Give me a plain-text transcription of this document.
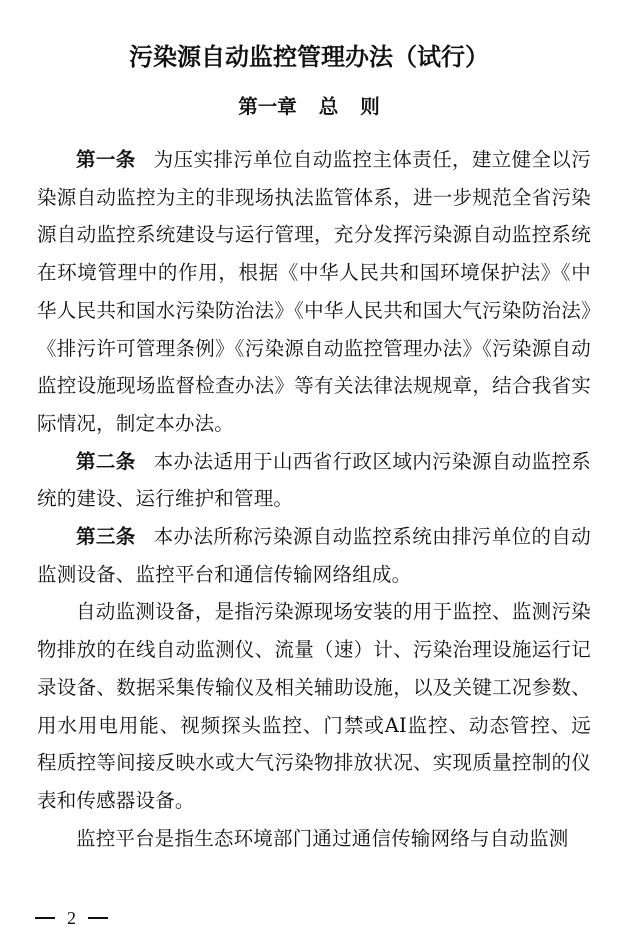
污染源自动监控管理办法（试行）
第一章 总 则

第一条 为压实排污单位自动监控主体责任，建立健全以污染源自动监控为主的非现场执法监管体系，进一步规范全省污染源自动监控系统建设与运行管理，充分发挥污染源自动监控系统在环境管理中的作用，根据《中华人民共和国环境保护法》《中华人民共和国水污染防治法》《中华人民共和国大气污染防治法》《排污许可管理条例》《污染源自动监控管理办法》《污染源自动监控设施现场监督检查办法》等有关法律法规规章，结合我省实际情况，制定本办法。

第二条 本办法适用于山西省行政区域内污染源自动监控系统的建设、运行维护和管理。

第三条 本办法所称污染源自动监控系统由排污单位的自动监测设备、监控平台和通信传输网络组成。

自动监测设备，是指污染源现场安装的用于监控、监测污染物排放的在线自动监测仪、流量（速）计、污染治理设施运行记录设备、数据采集传输仪及相关辅助设施，以及关键工况参数、用水用电用能、视频探头监控、门禁或AI监控、动态管控、远程质控等间接反映水或大气污染物排放状况、实现质量控制的仪表和传感器设备。

监控平台是指生态环境部门通过通信传输网络与自动监测

2
